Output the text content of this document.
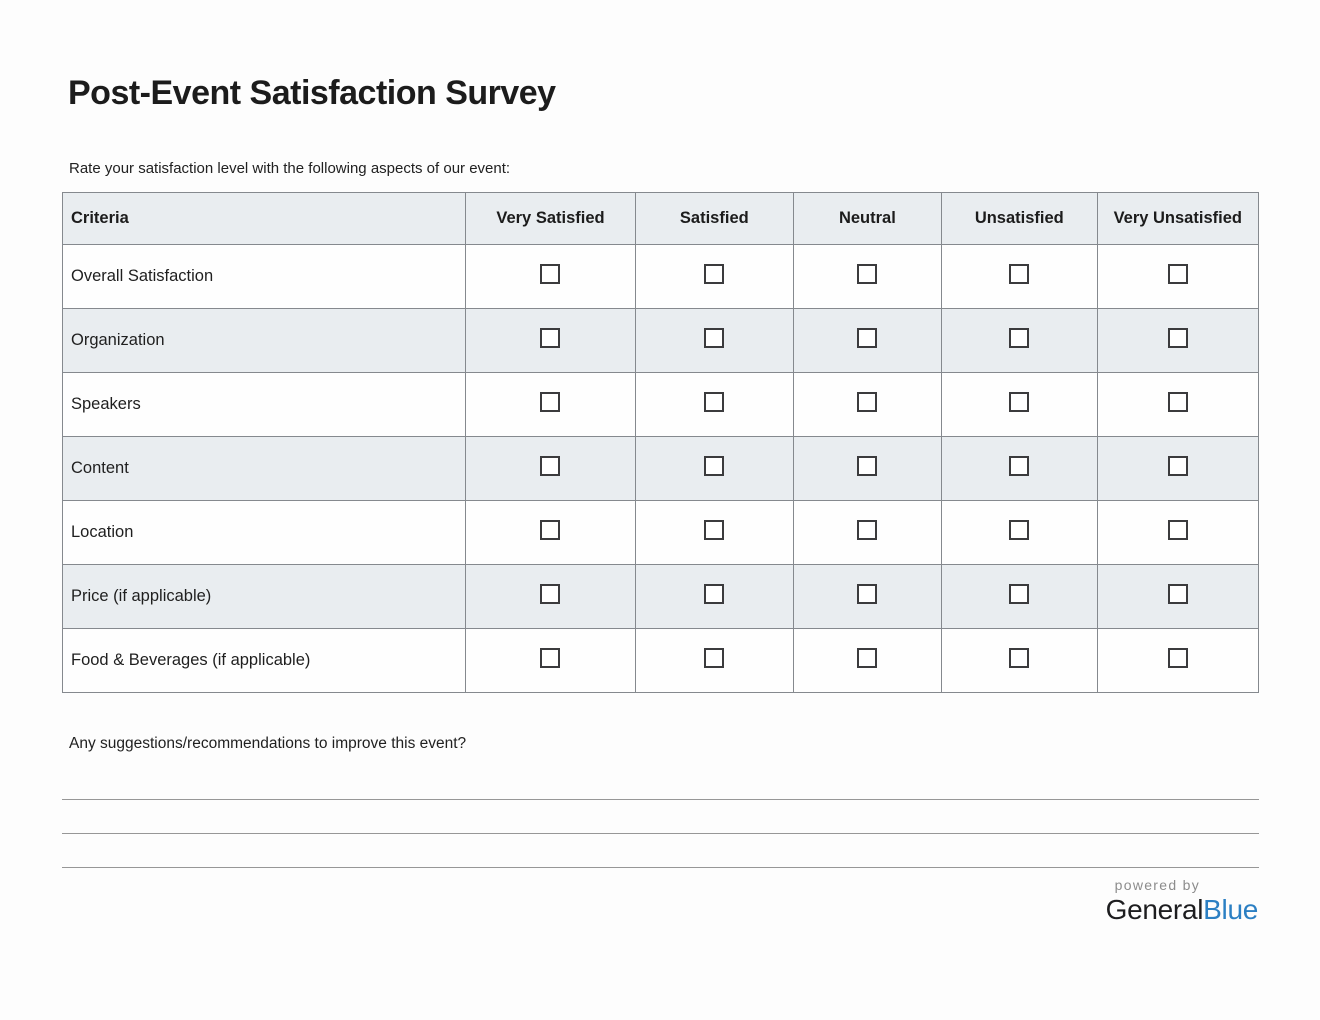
Post-Event Satisfaction Survey

Rate your satisfaction level with the following aspects of our event:

Criteria	Very Satisfied	Satisfied	Neutral	Unsatisfied	Very Unsatisfied
Overall Satisfaction					
Organization					
Speakers					
Content					
Location					
Price (if applicable)					
Food & Beverages (if applicable)					

Any suggestions/recommendations to improve this event?

powered by
GeneralBlue
